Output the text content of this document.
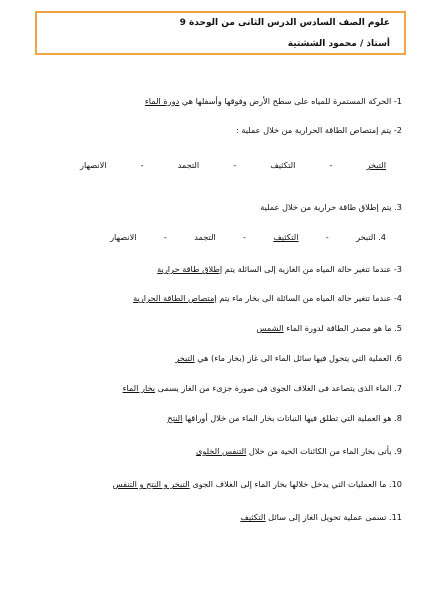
علوم الصف السادس الدرس الثانى من الوحدة 9
أستاذ / محمود الششتية
1- الحركة المستمرة للمياه على سطح الأرض وفوقها وأسفلها هي دورة الماء
2- يتم إمتصاص الطاقة الحرارية من خلال عملية :
التبخر
-
التكثيف
-
التجمد
-
الانصهار
3. يتم إطلاق طاقة حرارية من خلال عملية
4. التبخر
-
التكثيف
-
التجمد
-
الانصهار
3- عندما تتغير حالة المياه من الغازية إلى السائلة يتم إطلاق طاقة حرارية
4- عندما تتغير حالة المياه من السائلة الى بخار ماء يتم إمتصاص الطاقة الحرارية
5. ما هو مصدر الطاقة لدورة الماء الشمس
6. العملية التي يتحول فيها سائل الماء الى غاز (بخار ماء) هي التبخر
7. الماء الذى يتصاعد فى الغلاف الجوى فى صورة جزىء من الغاز يسمى بخار الماء
8. هو العملية التي تطلق فيها النباتات بخار الماء من خلال أوراقها النتح
9. يأتى بخار الماء من الكائنات الحية من خلال التنفس الخلوى
10. ما العمليات التي يدخل خلالها بخار الماء إلى الغلاف الجوى التبخر و النتح و التنفس
11. تسمى عملية تحويل الغاز إلى سائل التكثيف
